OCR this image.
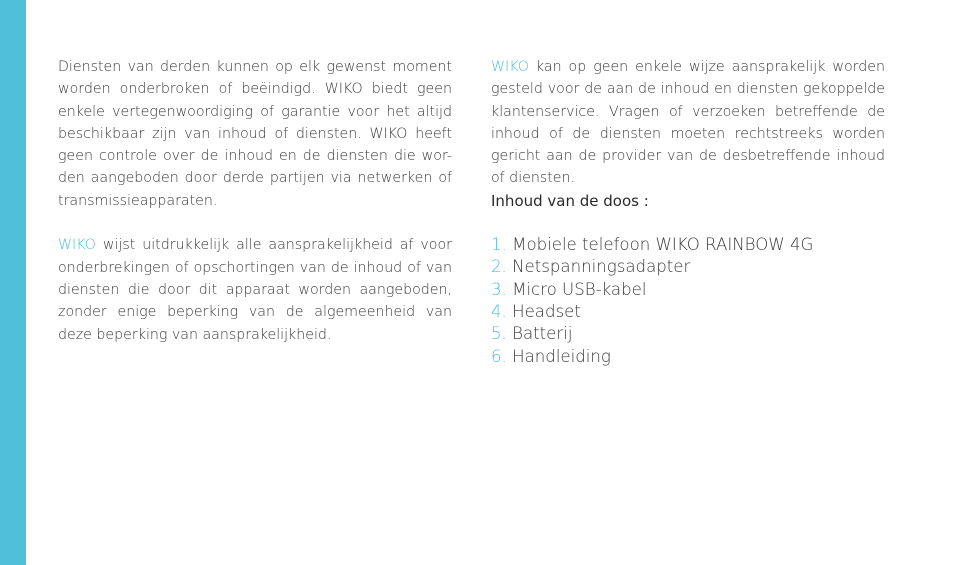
Diensten van derden kunnen op elk gewenst moment worden onderbroken of beëindigd. WIKO biedt geen enkele vertegenwoordiging of garantie voor het altijd beschikbaar zijn van inhoud of diensten. WIKO heeft geen controle over de inhoud en de diensten die wor-den aangeboden door derde partijen via netwerken of transmissieapparaten.

WIKO wijst uitdrukkelijk alle aansprakelijkheid af voor onderbrekingen of opschortingen van de inhoud of van diensten die door dit apparaat worden aangeboden, zonder enige beperking van de algemeenheid van deze beperking van aansprakelijkheid.

WIKO kan op geen enkele wijze aansprakelijk worden gesteld voor de aan de inhoud en diensten gekoppelde klantenservice. Vragen of verzoeken betreffende de inhoud of de diensten moeten rechtstreeks worden gericht aan de provider van de desbetreffende inhoud of diensten.

Inhoud van de doos :
1. Mobiele telefoon WIKO RAINBOW 4G
2. Netspanningsadapter
3. Micro USB-kabel
4. Headset
5. Batterij
6. Handleiding
